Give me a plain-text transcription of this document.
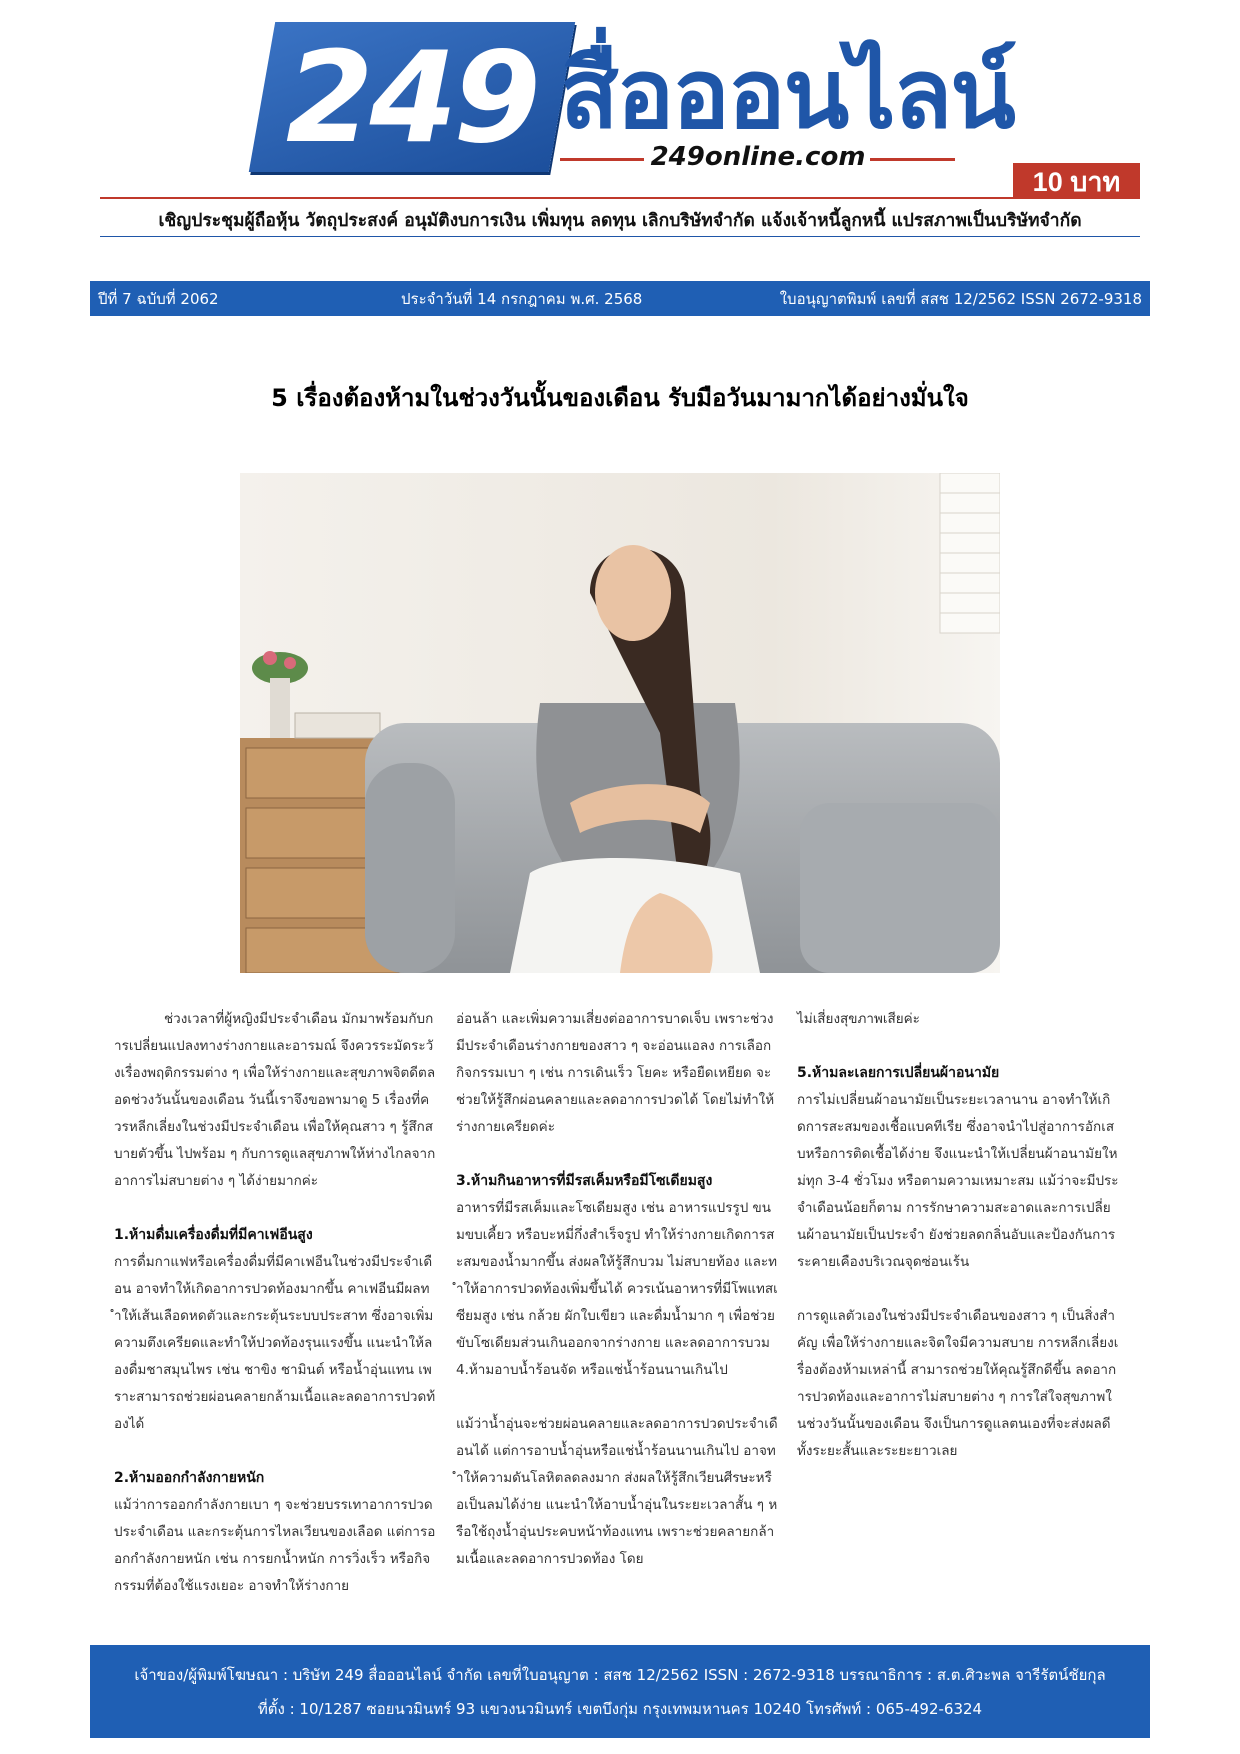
249 สื่อออนไลน์
249online.com
10 บาท
เชิญประชุมผู้ถือหุ้น วัตถุประสงค์ อนุมัติงบการเงิน เพิ่มทุน ลดทุน เลิกบริษัทจำกัด แจ้งเจ้าหนี้ลูกหนี้ แปรสภาพเป็นบริษัทจำกัด
ปีที่ 7 ฉบับที่ 2062	ประจำวันที่ 14 กรกฎาคม พ.ศ. 2568	ใบอนุญาตพิมพ์ เลขที่ สสช 12/2562 ISSN 2672-9318
5 เรื่องต้องห้ามในช่วงวันนั้นของเดือน รับมือวันมามากได้อย่างมั่นใจ

ช่วงเวลาที่ผู้หญิงมีประจำเดือน มักมาพร้อมกับการเปลี่ยนแปลงทางร่างกายและอารมณ์ จึงควรระมัดระวังเรื่องพฤติกรรมต่าง ๆ เพื่อให้ร่างกายและสุขภาพจิตดีตลอดช่วงวันนั้นของเดือน วันนี้เราจึงขอพามาดู 5 เรื่องที่ควรหลีกเลี่ยงในช่วงมีประจำเดือน เพื่อให้คุณสาว ๆ รู้สึกสบายตัวขึ้น ไปพร้อม ๆ กับการดูแลสุขภาพให้ห่างไกลจากอาการไม่สบายต่าง ๆ ได้ง่ายมากค่ะ

1.ห้ามดื่มเครื่องดื่มที่มีคาเฟอีนสูง

การดื่มกาแฟหรือเครื่องดื่มที่มีคาเฟอีนในช่วงมีประจำเดือน อาจทำให้เกิดอาการปวดท้องมากขึ้น คาเฟอีนมีผลทำให้เส้นเลือดหดตัวและกระตุ้นระบบประสาท ซึ่งอาจเพิ่มความตึงเครียดและทำให้ปวดท้องรุนแรงขึ้น แนะนำให้ลองดื่มชาสมุนไพร เช่น ชาขิง ชามินต์ หรือน้ำอุ่นแทน เพราะสามารถช่วยผ่อนคลายกล้ามเนื้อและลดอาการปวดท้องได้

2.ห้ามออกกำลังกายหนัก

แม้ว่าการออกกำลังกายเบา ๆ จะช่วยบรรเทาอาการปวดประจำเดือน และกระตุ้นการไหลเวียนของเลือด แต่การออกกำลังกายหนัก เช่น การยกน้ำหนัก การวิ่งเร็ว หรือกิจกรรมที่ต้องใช้แรงเยอะ อาจทำให้ร่างกาย

อ่อนล้า และเพิ่มความเสี่ยงต่ออาการบาดเจ็บ เพราะช่วงมีประจำเดือนร่างกายของสาว ๆ จะอ่อนแอลง การเลือกกิจกรรมเบา ๆ เช่น การเดินเร็ว โยคะ หรือยืดเหยียด จะช่วยให้รู้สึกผ่อนคลายและลดอาการปวดได้ โดยไม่ทำให้ร่างกายเครียดค่ะ

3.ห้ามกินอาหารที่มีรสเค็มหรือมีโซเดียมสูง

อาหารที่มีรสเค็มและโซเดียมสูง เช่น อาหารแปรรูป ขนมขบเคี้ยว หรือบะหมี่กึ่งสำเร็จรูป ทำให้ร่างกายเกิดการสะสมของน้ำมากขึ้น ส่งผลให้รู้สึกบวม ไม่สบายท้อง และทำให้อาการปวดท้องเพิ่มขึ้นได้ ควรเน้นอาหารที่มีโพแทสเซียมสูง เช่น กล้วย ผักใบเขียว และดื่มน้ำมาก ๆ เพื่อช่วยขับโซเดียมส่วนเกินออกจากร่างกาย และลดอาการบวม 4.ห้ามอาบน้ำร้อนจัด หรือแช่น้ำร้อนนานเกินไป

แม้ว่าน้ำอุ่นจะช่วยผ่อนคลายและลดอาการปวดประจำเดือนได้ แต่การอาบน้ำอุ่นหรือแช่น้ำร้อนนานเกินไป อาจทำให้ความดันโลหิตลดลงมาก ส่งผลให้รู้สึกเวียนศีรษะหรือเป็นลมได้ง่าย แนะนำให้อาบน้ำอุ่นในระยะเวลาสั้น ๆ หรือใช้ถุงน้ำอุ่นประคบหน้าท้องแทน เพราะช่วยคลายกล้ามเนื้อและลดอาการปวดท้อง โดย

ไม่เสี่ยงสุขภาพเสียค่ะ

5.ห้ามละเลยการเปลี่ยนผ้าอนามัย

การไม่เปลี่ยนผ้าอนามัยเป็นระยะเวลานาน อาจทำให้เกิดการสะสมของเชื้อแบคทีเรีย ซึ่งอาจนำไปสู่อาการอักเสบหรือการติดเชื้อได้ง่าย จึงแนะนำให้เปลี่ยนผ้าอนามัยใหม่ทุก 3-4 ชั่วโมง หรือตามความเหมาะสม แม้ว่าจะมีประจำเดือนน้อยก็ตาม การรักษาความสะอาดและการเปลี่ยนผ้าอนามัยเป็นประจำ ยังช่วยลดกลิ่นอับและป้องกันการระคายเคืองบริเวณจุดซ่อนเร้น

การดูแลตัวเองในช่วงมีประจำเดือนของสาว ๆ เป็นสิ่งสำคัญ เพื่อให้ร่างกายและจิตใจมีความสบาย การหลีกเลี่ยงเรื่องต้องห้ามเหล่านี้ สามารถช่วยให้คุณรู้สึกดีขึ้น ลดอาการปวดท้องและอาการไม่สบายต่าง ๆ การใส่ใจสุขภาพในช่วงวันนั้นของเดือน จึงเป็นการดูแลตนเองที่จะส่งผลดีทั้งระยะสั้นและระยะยาวเลย

เจ้าของ/ผู้พิมพ์โฆษณา : บริษัท 249 สื่อออนไลน์ จำกัด เลขที่ใบอนุญาต : สสช 12/2562 ISSN : 2672-9318 บรรณาธิการ : ส.ต.ศิวะพล จารีรัตน์ชัยกุล
ที่ตั้ง : 10/1287 ซอยนวมินทร์ 93 แขวงนวมินทร์ เขตบึงกุ่ม กรุงเทพมหานคร 10240 โทรศัพท์ : 065-492-6324
